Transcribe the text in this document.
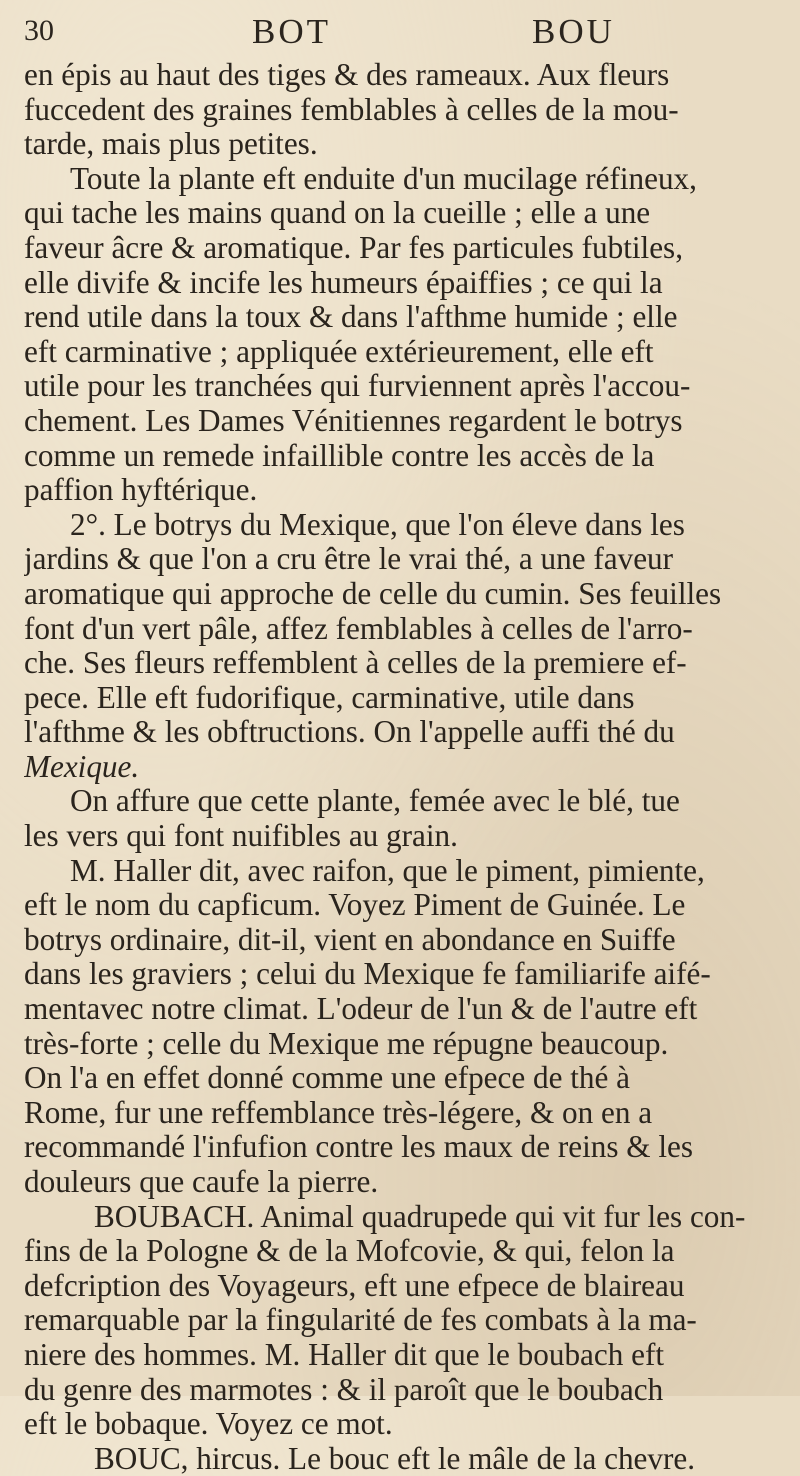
30	BOT	BOU
en épis au haut des tiges & des rameaux. Aux fleurs
fuccedent des graines femblables à celles de la mou-
tarde, mais plus petites.
Toute la plante eft enduite d'un mucilage réfineux,
qui tache les mains quand on la cueille ; elle a une
faveur âcre & aromatique. Par fes particules fubtiles,
elle divife & incife les humeurs épaiffies ; ce qui la
rend utile dans la toux & dans l'afthme humide ; elle
eft carminative ; appliquée extérieurement, elle eft
utile pour les tranchées qui furviennent après l'accou-
chement. Les Dames Vénitiennes regardent le botrys
comme un remede infaillible contre les accès de la
paffion hyftérique.
2°. Le botrys du Mexique, que l'on éleve dans les
jardins & que l'on a cru être le vrai thé, a une faveur
aromatique qui approche de celle du cumin. Ses feuilles
font d'un vert pâle, affez femblables à celles de l'arro-
che. Ses fleurs reffemblent à celles de la premiere ef-
pece. Elle eft fudorifique, carminative, utile dans
l'afthme & les obftructions. On l'appelle auffi thé du
Mexique.
On affure que cette plante, femée avec le blé, tue
les vers qui font nuifibles au grain.
M. Haller dit, avec raifon, que le piment, pimiente,
eft le nom du capficum. Voyez Piment de Guinée. Le
botrys ordinaire, dit-il, vient en abondance en Suiffe
dans les graviers ; celui du Mexique fe familiarife aifé-
mentavec notre climat. L'odeur de l'un & de l'autre eft
très-forte ; celle du Mexique me répugne beaucoup.
On l'a en effet donné comme une efpece de thé à
Rome, fur une reffemblance très-légere, & on en a
recommandé l'infufion contre les maux de reins & les
douleurs que caufe la pierre.
BOUBACH. Animal quadrupede qui vit fur les con-
fins de la Pologne & de la Mofcovie, & qui, felon la
defcription des Voyageurs, eft une efpece de blaireau
remarquable par la fingularité de fes combats à la ma-
niere des hommes. M. Haller dit que le boubach eft
du genre des marmotes : & il paroît que le boubach
eft le bobaque. Voyez ce mot.
BOUC, hircus. Le bouc eft le mâle de la chevre.
